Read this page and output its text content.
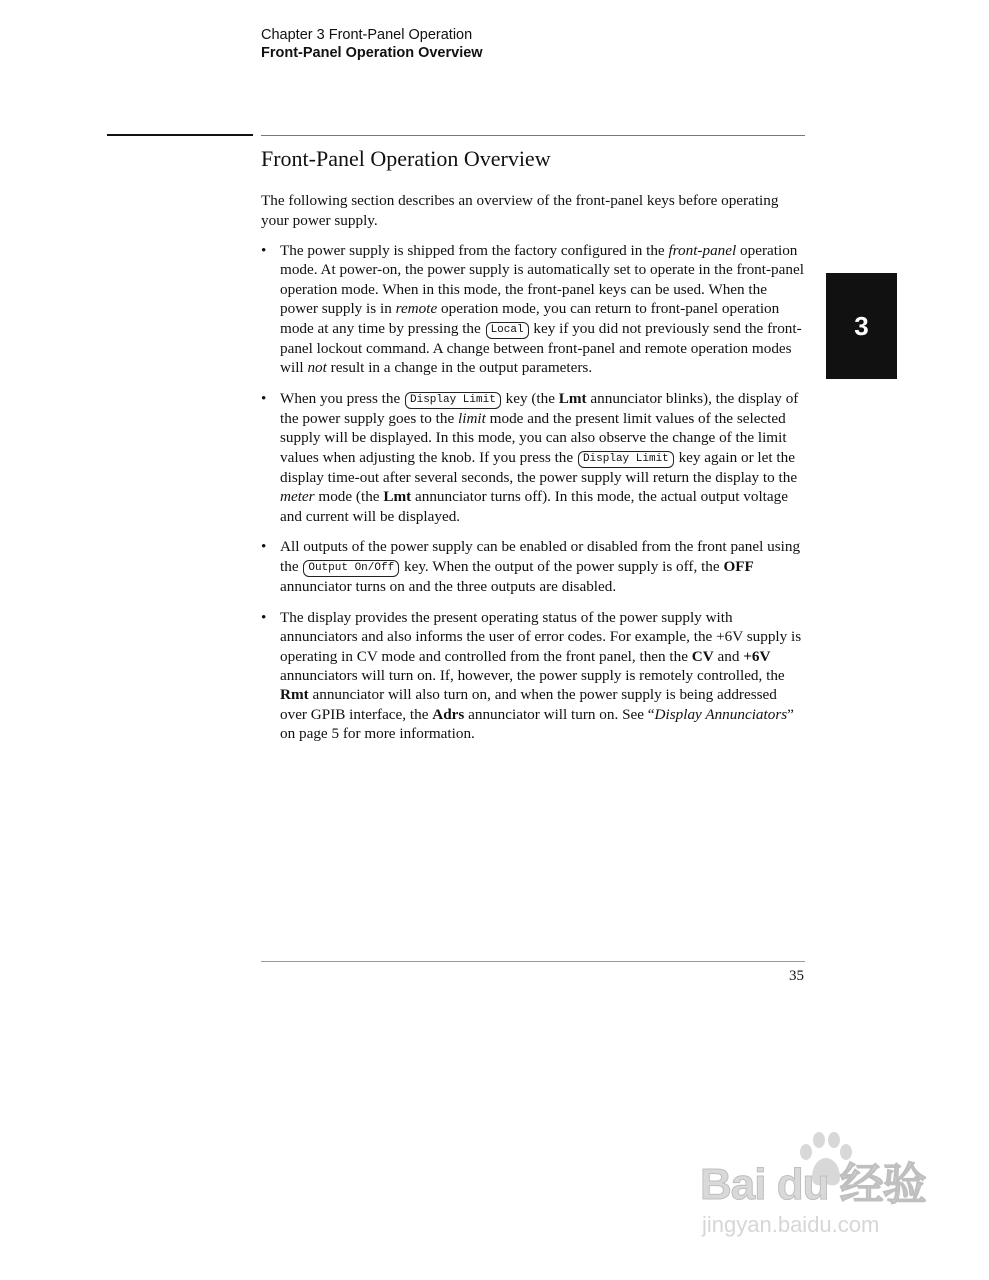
Chapter 3 Front-Panel Operation
Front-Panel Operation Overview
Front-Panel Operation Overview

The following section describes an overview of the front-panel keys before operating your power supply.

• The power supply is shipped from the factory configured in the front-panel operation mode. At power-on, the power supply is automatically set to operate in the front-panel operation mode. When in this mode, the front-panel keys can be used. When the power supply is in remote operation mode, you can return to front-panel operation mode at any time by pressing the Local key if you did not previously send the front-panel lockout command. A change between front-panel and remote operation modes will not result in a change in the output parameters.
• When you press the Display Limit key (the Lmt annunciator blinks), the display of the power supply goes to the limit mode and the present limit values of the selected supply will be displayed. In this mode, you can also observe the change of the limit values when adjusting the knob. If you press the Display Limit key again or let the display time-out after several seconds, the power supply will return the display to the meter mode (the Lmt annunciator turns off). In this mode, the actual output voltage and current will be displayed.
• All outputs of the power supply can be enabled or disabled from the front panel using the Output On/Off key. When the output of the power supply is off, the OFF annunciator turns on and the three outputs are disabled.
• The display provides the present operating status of the power supply with annunciators and also informs the user of error codes. For example, the +6V supply is operating in CV mode and controlled from the front panel, then the CV and +6V annunciators will turn on. If, however, the power supply is remotely controlled, the Rmt annunciator will also turn on, and when the power supply is being addressed over GPIB interface, the Adrs annunciator will turn on. See “Display Annunciators” on page 5 for more information.
3
35
Bai du 经验
jingyan.baidu.com
